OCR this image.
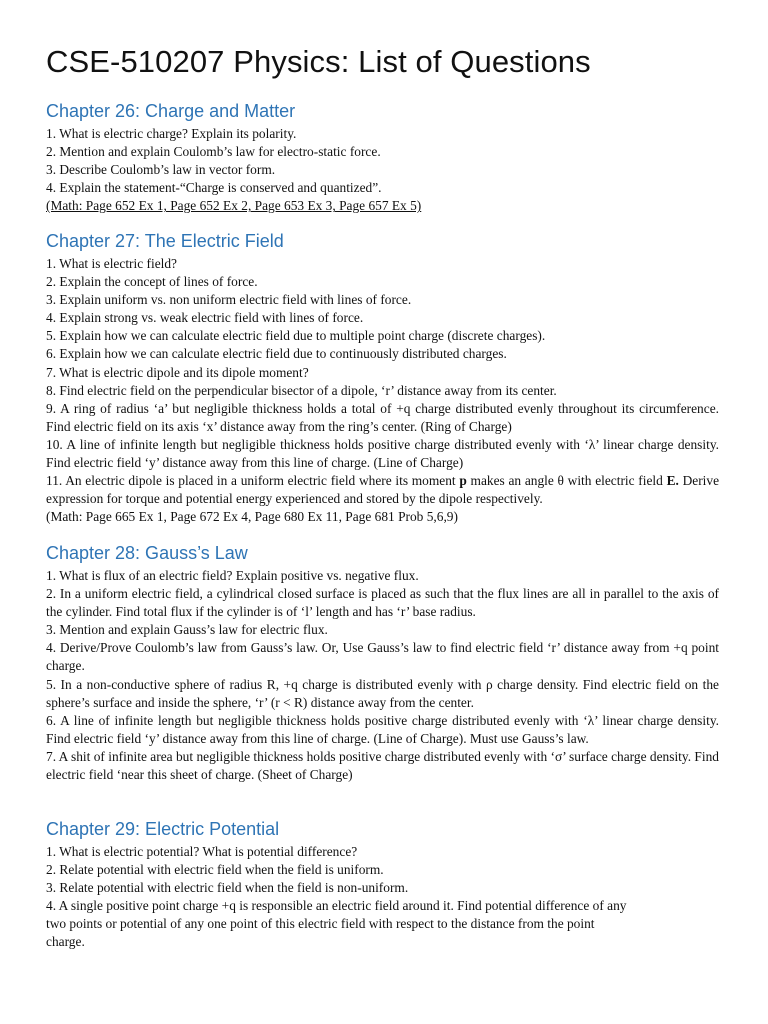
CSE-510207 Physics: List of Questions
Chapter 26: Charge and Matter

1. What is electric charge? Explain its polarity.

2. Mention and explain Coulomb’s law for electro-static force.

3. Describe Coulomb’s law in vector form.

4. Explain the statement-“Charge is conserved and quantized”.

(Math: Page 652 Ex 1, Page 652 Ex 2, Page 653 Ex 3, Page 657 Ex 5)

Chapter 27: The Electric Field

1. What is electric field?

2. Explain the concept of lines of force.

3. Explain uniform vs. non uniform electric field with lines of force.

4. Explain strong vs. weak electric field with lines of force.

5. Explain how we can calculate electric field due to multiple point charge (discrete charges).

6. Explain how we can calculate electric field due to continuously distributed charges.

7. What is electric dipole and its dipole moment?

8. Find electric field on the perpendicular bisector of a dipole, ‘r’ distance away from its center.

9. A ring of radius ‘a’ but negligible thickness holds a total of +q charge distributed evenly throughout its circumference. Find electric field on its axis ‘x’ distance away from the ring’s center. (Ring of Charge)

10. A line of infinite length but negligible thickness holds positive charge distributed evenly with ‘λ’ linear charge density. Find electric field ‘y’ distance away from this line of charge. (Line of Charge)

11. An electric dipole is placed in a uniform electric field where its moment p makes an angle θ with electric field E. Derive expression for torque and potential energy experienced and stored by the dipole respectively.

(Math: Page 665 Ex 1, Page 672 Ex 4, Page 680 Ex 11, Page 681 Prob 5,6,9)

Chapter 28: Gauss’s Law

1. What is flux of an electric field? Explain positive vs. negative flux.

2. In a uniform electric field, a cylindrical closed surface is placed as such that the flux lines are all in parallel to the axis of the cylinder. Find total flux if the cylinder is of ‘l’ length and has ‘r’ base radius.

3. Mention and explain Gauss’s law for electric flux.

4. Derive/Prove Coulomb’s law from Gauss’s law. Or, Use Gauss’s law to find electric field ‘r’ distance away from +q point charge.

5. In a non-conductive sphere of radius R, +q charge is distributed evenly with ρ charge density. Find electric field on the sphere’s surface and inside the sphere, ‘r’ (r < R) distance away from the center.

6. A line of infinite length but negligible thickness holds positive charge distributed evenly with ‘λ’ linear charge density. Find electric field ‘y’ distance away from this line of charge. (Line of Charge). Must use Gauss’s law.

7. A shit of infinite area but negligible thickness holds positive charge distributed evenly with ‘σ’ surface charge density. Find electric field ‘near this sheet of charge. (Sheet of Charge)

Chapter 29: Electric Potential

1. What is electric potential? What is potential difference?

2. Relate potential with electric field when the field is uniform.

3. Relate potential with electric field when the field is non-uniform.

4. A single positive point charge +q is responsible an electric field around it. Find potential difference of any
two points or potential of any one point of this electric field with respect to the distance from the point
charge.
